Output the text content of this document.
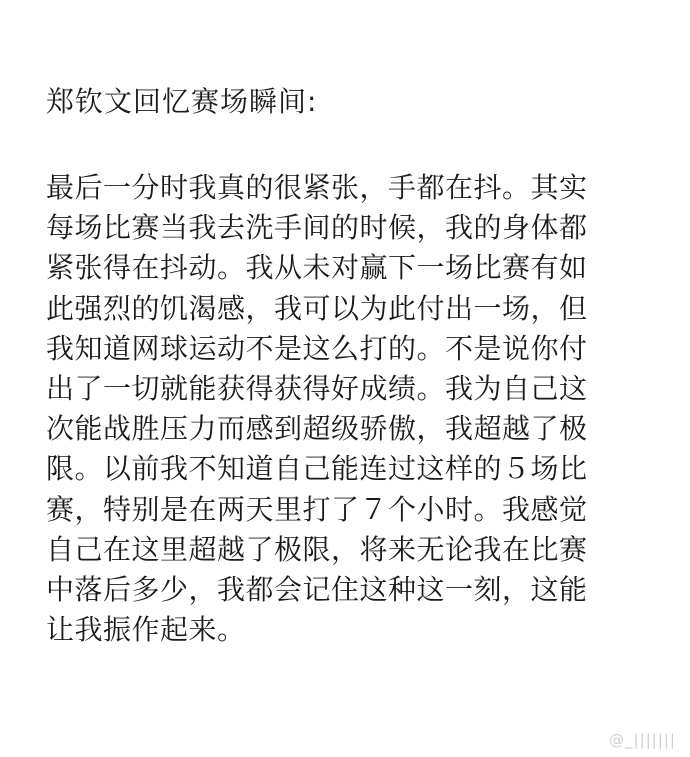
郑钦文回忆赛场瞬间:

最后一分时我真的很紧张，手都在抖。其实
每场比赛当我去洗手间的时候，我的身体都
紧张得在抖动。我从未对赢下一场比赛有如
此强烈的饥渴感，我可以为此付出一场，但
我知道网球运动不是这么打的。不是说你付
出了一切就能获得获得好成绩。我为自己这
次能战胜压力而感到超级骄傲，我超越了极
限。以前我不知道自己能连过这样的５场比
赛，特别是在两天里打了７个小时。我感觉
自己在这里超越了极限，将来无论我在比赛
中落后多少，我都会记住这种这一刻，这能
让我振作起来。

@_|||||||
